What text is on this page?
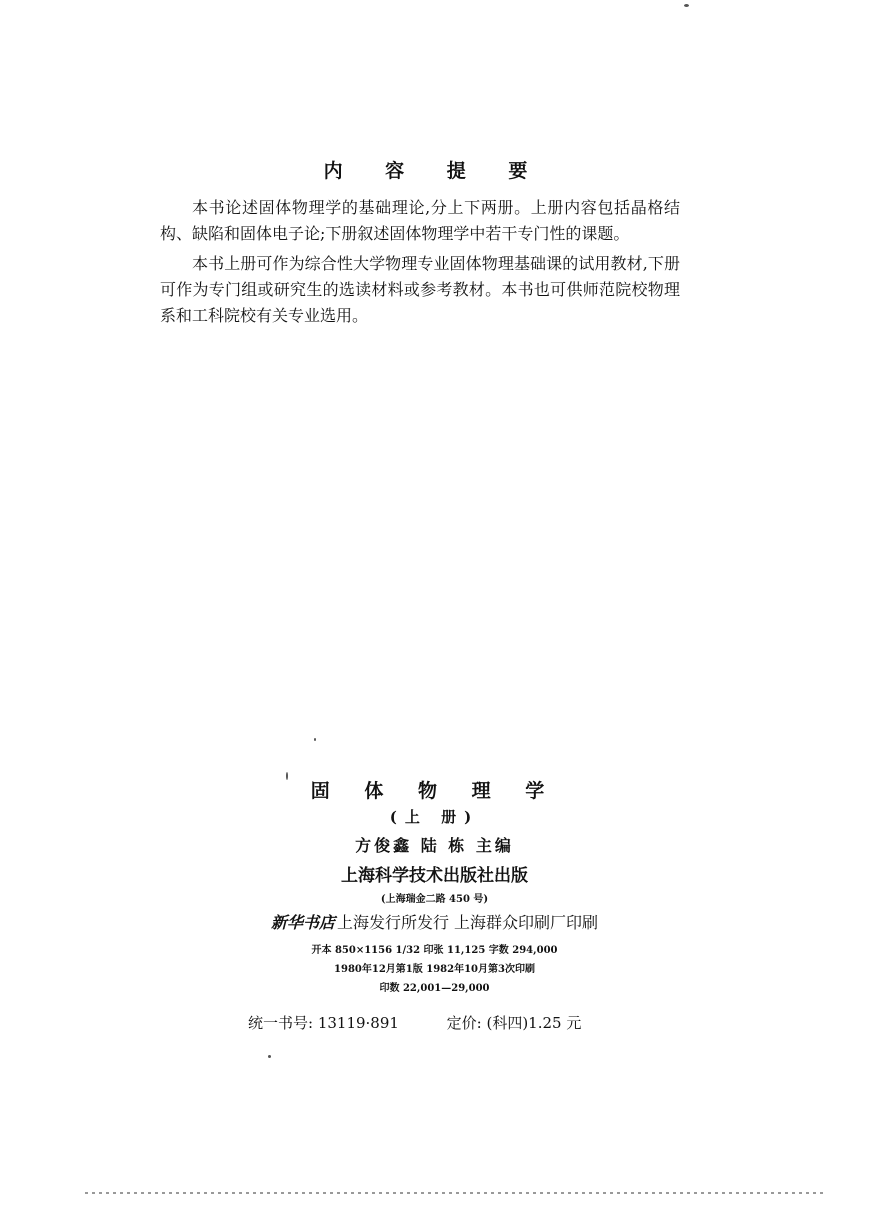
内 容 提 要

本书论述固体物理学的基础理论,分上下两册。上册内容包括晶格结构、缺陷和固体电子论;下册叙述固体物理学中若干专门性的课题。

本书上册可作为综合性大学物理专业固体物理基础课的试用教材,下册可作为专门组或研究生的选读材料或参考教材。本书也可供师范院校物理系和工科院校有关专业选用。

固 体 物 理 学
(上 册)
方俊鑫 陆 栋 主编
上海科学技术出版社出版
(上海瑞金二路 450 号)
新华书店 上海发行所发行 上海群众印刷厂印刷
开本 850×1156 1/32 印张 11,125 字数 294,000
1980年12月第1版 1982年10月第3次印刷
印数 22,001—29,000
统一书号: 13119·891	定价: (科四)1.25 元
